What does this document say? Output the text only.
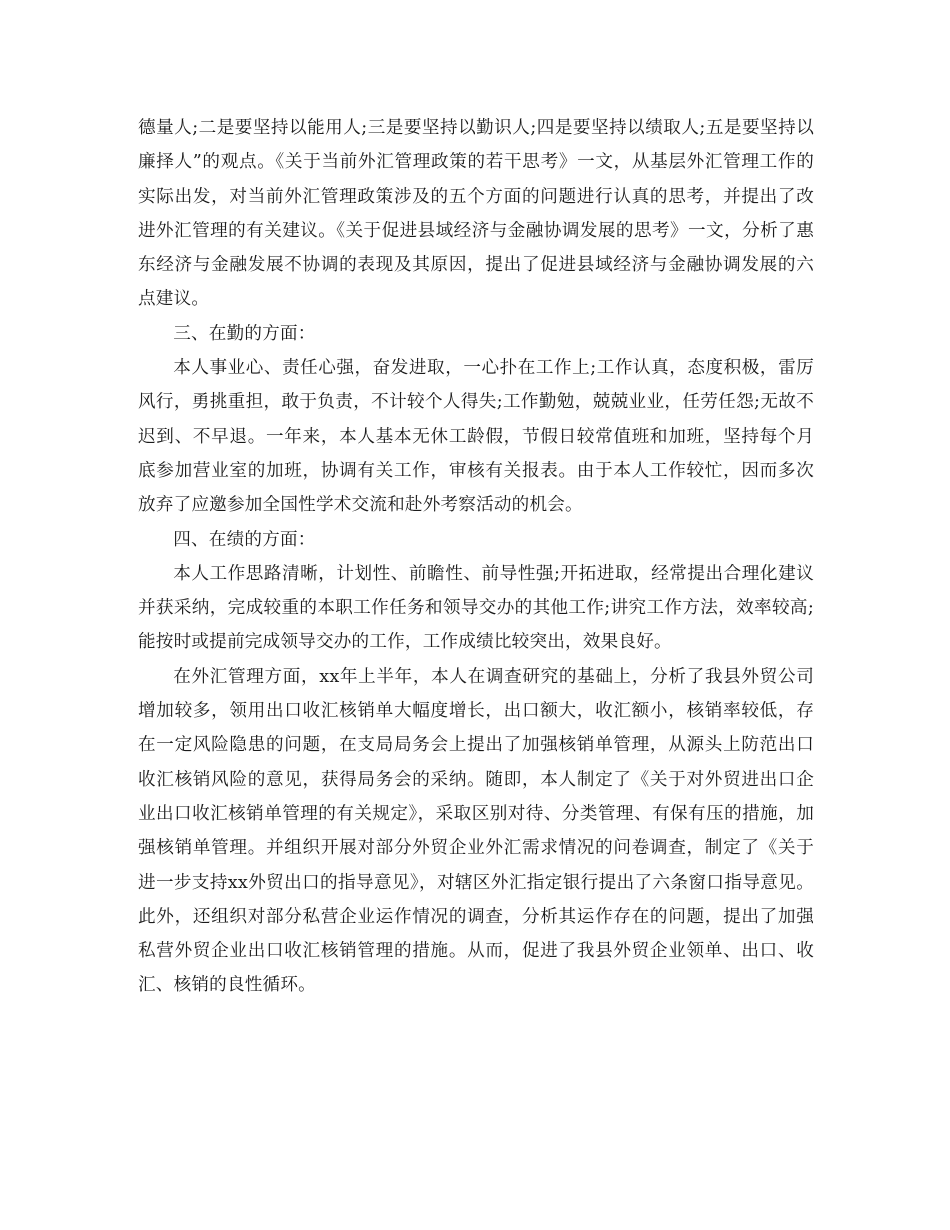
德量人;二是要坚持以能用人;三是要坚持以勤识人;四是要坚持以绩取人;五是要坚持以廉择人”的观点。《关于当前外汇管理政策的若干思考》一文，从基层外汇管理工作的实际出发，对当前外汇管理政策涉及的五个方面的问题进行认真的思考，并提出了改进外汇管理的有关建议。《关于促进县域经济与金融协调发展的思考》一文，分析了惠东经济与金融发展不协调的表现及其原因，提出了促进县域经济与金融协调发展的六点建议。

三、在勤的方面：

本人事业心、责任心强，奋发进取，一心扑在工作上;工作认真，态度积极，雷厉风行，勇挑重担，敢于负责，不计较个人得失;工作勤勉，兢兢业业，任劳任怨;无故不迟到、不早退。一年来，本人基本无休工龄假，节假日较常值班和加班，坚持每个月底参加营业室的加班，协调有关工作，审核有关报表。由于本人工作较忙，因而多次放弃了应邀参加全国性学术交流和赴外考察活动的机会。

四、在绩的方面：

本人工作思路清晰，计划性、前瞻性、前导性强;开拓进取，经常提出合理化建议并获采纳，完成较重的本职工作任务和领导交办的其他工作;讲究工作方法，效率较高;能按时或提前完成领导交办的工作，工作成绩比较突出，效果良好。

在外汇管理方面，xx年上半年，本人在调查研究的基础上，分析了我县外贸公司增加较多，领用出口收汇核销单大幅度增长，出口额大，收汇额小，核销率较低，存在一定风险隐患的问题，在支局局务会上提出了加强核销单管理，从源头上防范出口收汇核销风险的意见，获得局务会的采纳。随即，本人制定了《关于对外贸进出口企业出口收汇核销单管理的有关规定》，采取区别对待、分类管理、有保有压的措施，加强核销单管理。并组织开展对部分外贸企业外汇需求情况的问卷调查，制定了《关于进一步支持xx外贸出口的指导意见》，对辖区外汇指定银行提出了六条窗口指导意见。此外，还组织对部分私营企业运作情况的调查，分析其运作存在的问题，提出了加强私营外贸企业出口收汇核销管理的措施。从而，促进了我县外贸企业领单、出口、收汇、核销的良性循环。
